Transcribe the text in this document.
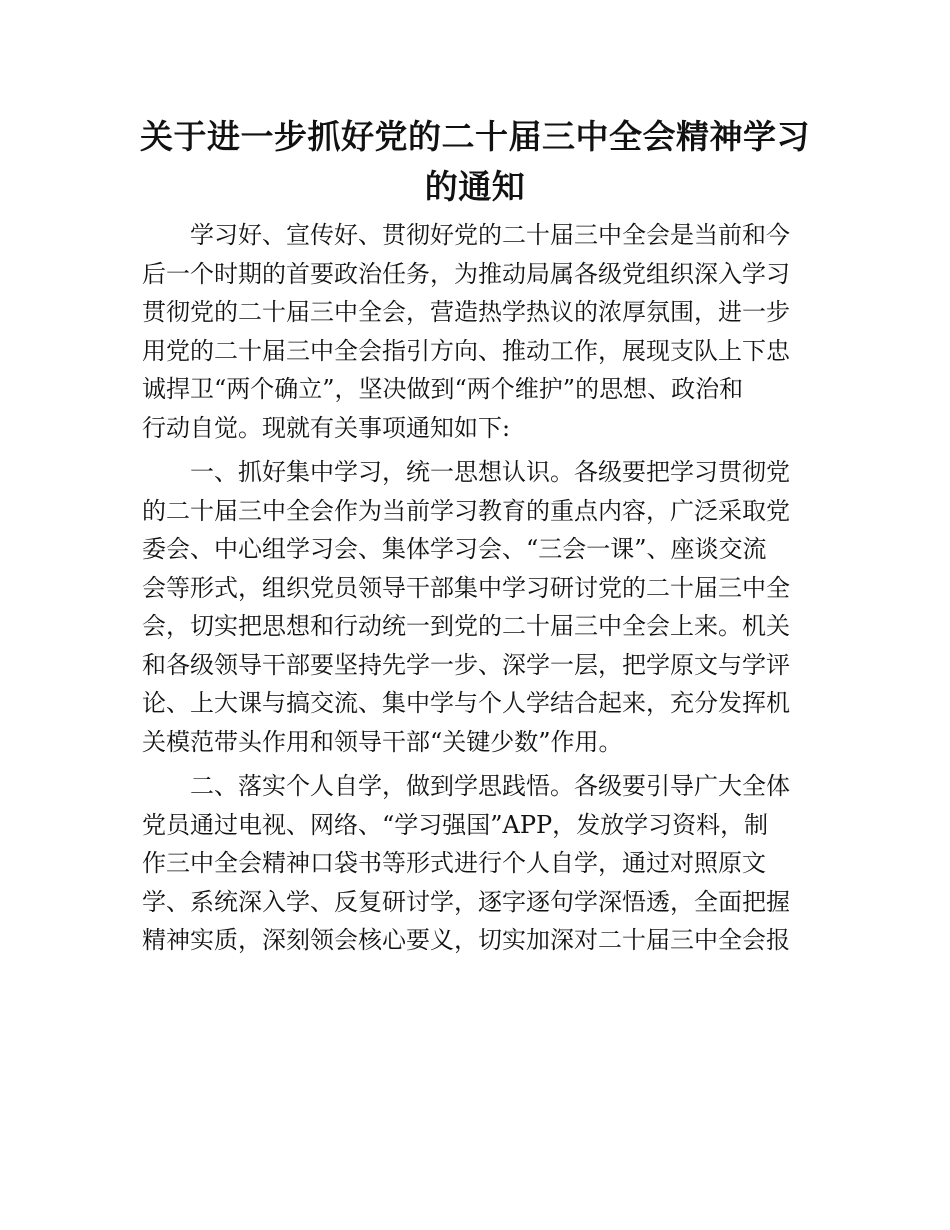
关于进一步抓好党的二十届三中全会精神学习
的通知

学习好、宣传好、贯彻好党的二十届三中全会是当前和今
后一个时期的首要政治任务，为推动局属各级党组织深入学习
贯彻党的二十届三中全会，营造热学热议的浓厚氛围，进一步
用党的二十届三中全会指引方向、推动工作，展现支队上下忠
诚捍卫“两个确立”，坚决做到“两个维护”的思想、政治和
行动自觉。现就有关事项通知如下:

一、抓好集中学习，统一思想认识。各级要把学习贯彻党
的二十届三中全会作为当前学习教育的重点内容，广泛采取党
委会、中心组学习会、集体学习会、“三会一课”、座谈交流
会等形式，组织党员领导干部集中学习研讨党的二十届三中全
会，切实把思想和行动统一到党的二十届三中全会上来。机关
和各级领导干部要坚持先学一步、深学一层，把学原文与学评
论、上大课与搞交流、集中学与个人学结合起来，充分发挥机
关模范带头作用和领导干部“关键少数”作用。

二、落实个人自学，做到学思践悟。各级要引导广大全体
党员通过电视、网络、“学习强国”APP，发放学习资料，制
作三中全会精神口袋书等形式进行个人自学，通过对照原文
学、系统深入学、反复研讨学，逐字逐句学深悟透，全面把握
精神实质，深刻领会核心要义，切实加深对二十届三中全会报
